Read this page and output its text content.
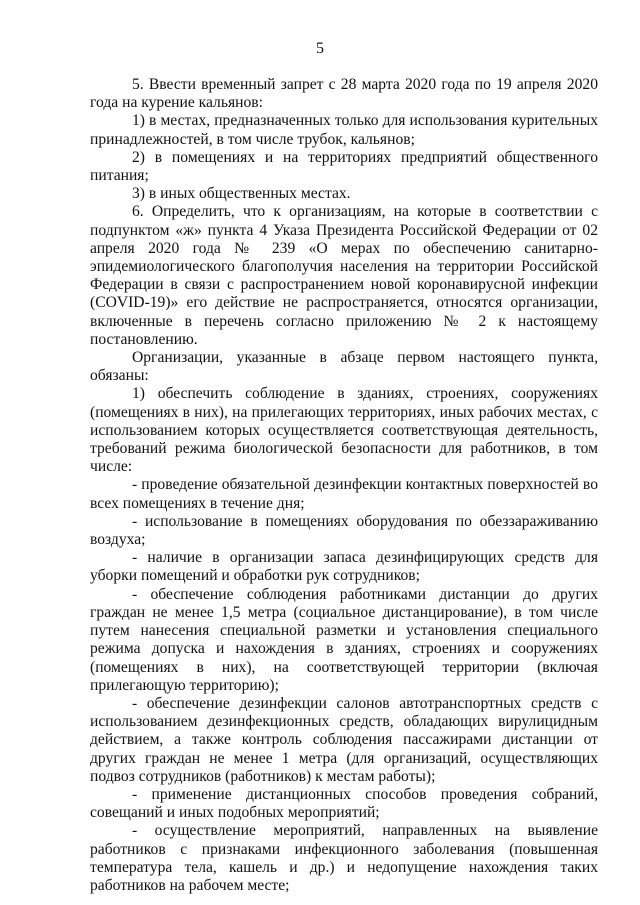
5

5. Ввести временный запрет с 28 марта 2020 года по 19 апреля 2020 года на курение кальянов:

1) в местах, предназначенных только для использования курительных принадлежностей, в том числе трубок, кальянов;

2) в помещениях и на территориях предприятий общественного питания;

3) в иных общественных местах.

6. Определить, что к организациям, на которые в соответствии с подпунктом «ж» пункта 4 Указа Президента Российской Федерации от 02 апреля 2020 года № 239 «О мерах по обеспечению санитарно-эпидемиологического благополучия населения на территории Российской Федерации в связи с распространением новой коронавирусной инфекции (COVID-19)» его действие не распространяется, относятся организации, включенные в перечень согласно приложению № 2 к настоящему постановлению.

Организации, указанные в абзаце первом настоящего пункта, обязаны:

1) обеспечить соблюдение в зданиях, строениях, сооружениях (помещениях в них), на прилегающих территориях, иных рабочих местах, с использованием которых осуществляется соответствующая деятельность, требований режима биологической безопасности для работников, в том числе:

- проведение обязательной дезинфекции контактных поверхностей во всех помещениях в течение дня;

- использование в помещениях оборудования по обеззараживанию воздуха;

- наличие в организации запаса дезинфицирующих средств для уборки помещений и обработки рук сотрудников;

- обеспечение соблюдения работниками дистанции до других граждан не менее 1,5 метра (социальное дистанцирование), в том числе путем нанесения специальной разметки и установления специального режима допуска и нахождения в зданиях, строениях и сооружениях (помещениях в них), на соответствующей территории (включая прилегающую территорию);

- обеспечение дезинфекции салонов автотранспортных средств с использованием дезинфекционных средств, обладающих вирулицидным действием, а также контроль соблюдения пассажирами дистанции от других граждан не менее 1 метра (для организаций, осуществляющих подвоз сотрудников (работников) к местам работы);

- применение дистанционных способов проведения собраний, совещаний и иных подобных мероприятий;

- осуществление мероприятий, направленных на выявление работников с признаками инфекционного заболевания (повышенная температура тела, кашель и др.) и недопущение нахождения таких работников на рабочем месте;
